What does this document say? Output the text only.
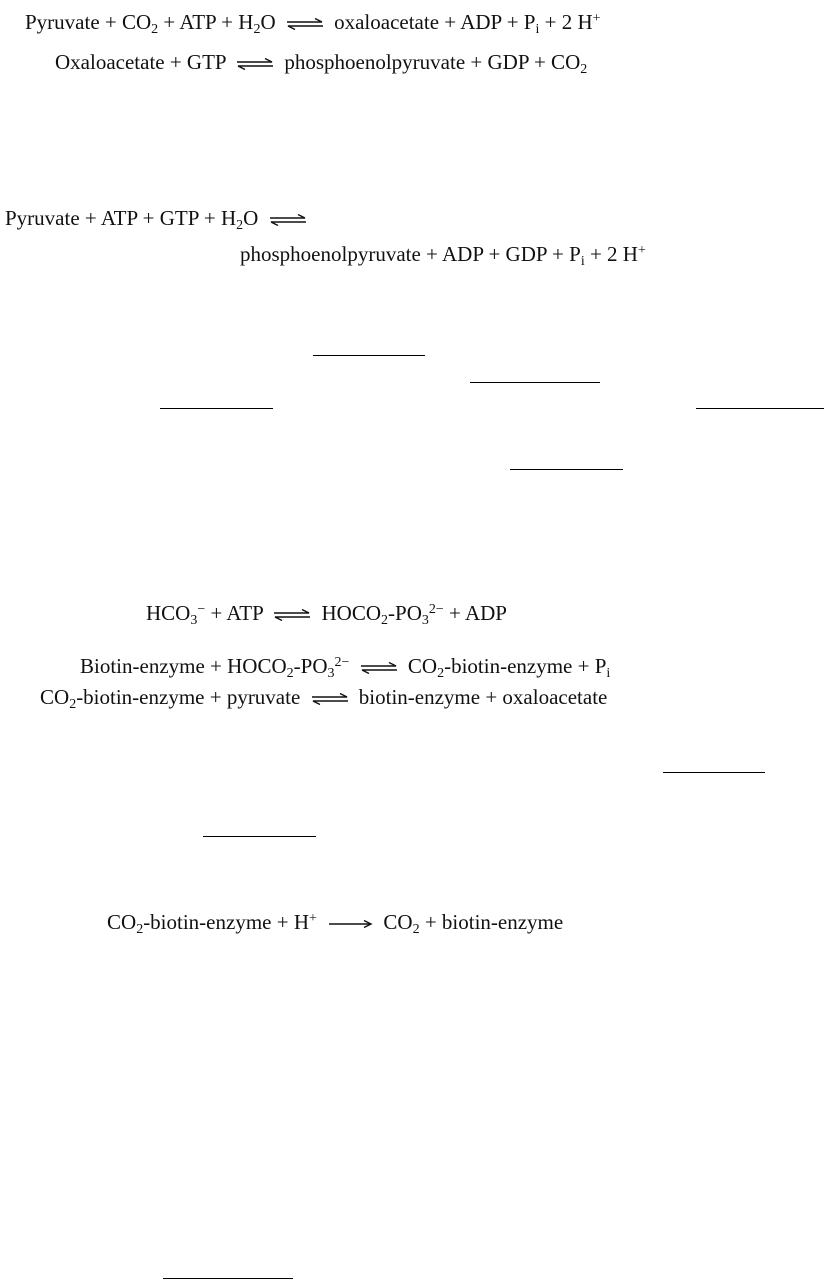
Pyruvate + $CO_2$ + ATP + $H_2O$ ⇌ oxaloacetate + ADP + $P_i + 2$ H+
Oxaloacetate + GTP ⇌ phosphoenolpyruvate + GDP + $CO_2$
Pyruvate + ATP + GTP + $H_2O$ ⇌
phosphoenolpyruvate + ADP + GDP + $P_i + 2$ H+
$HCO_3^-$ + ATP ⇌ $HOCO_2-PO_3^{2-}$ + ADP
Biotin-enzyme + $HOCO_2-PO_3^{2-}$ ⇌ $CO_2-biotin$-enzyme + $P_i$
$CO_2-biotin$-enzyme + pyruvate ⇌ biotin-enzyme + oxaloacetate
$CO_2-biotin$-enzyme + $H^+ \to CO_2$ + biotin-enzyme
